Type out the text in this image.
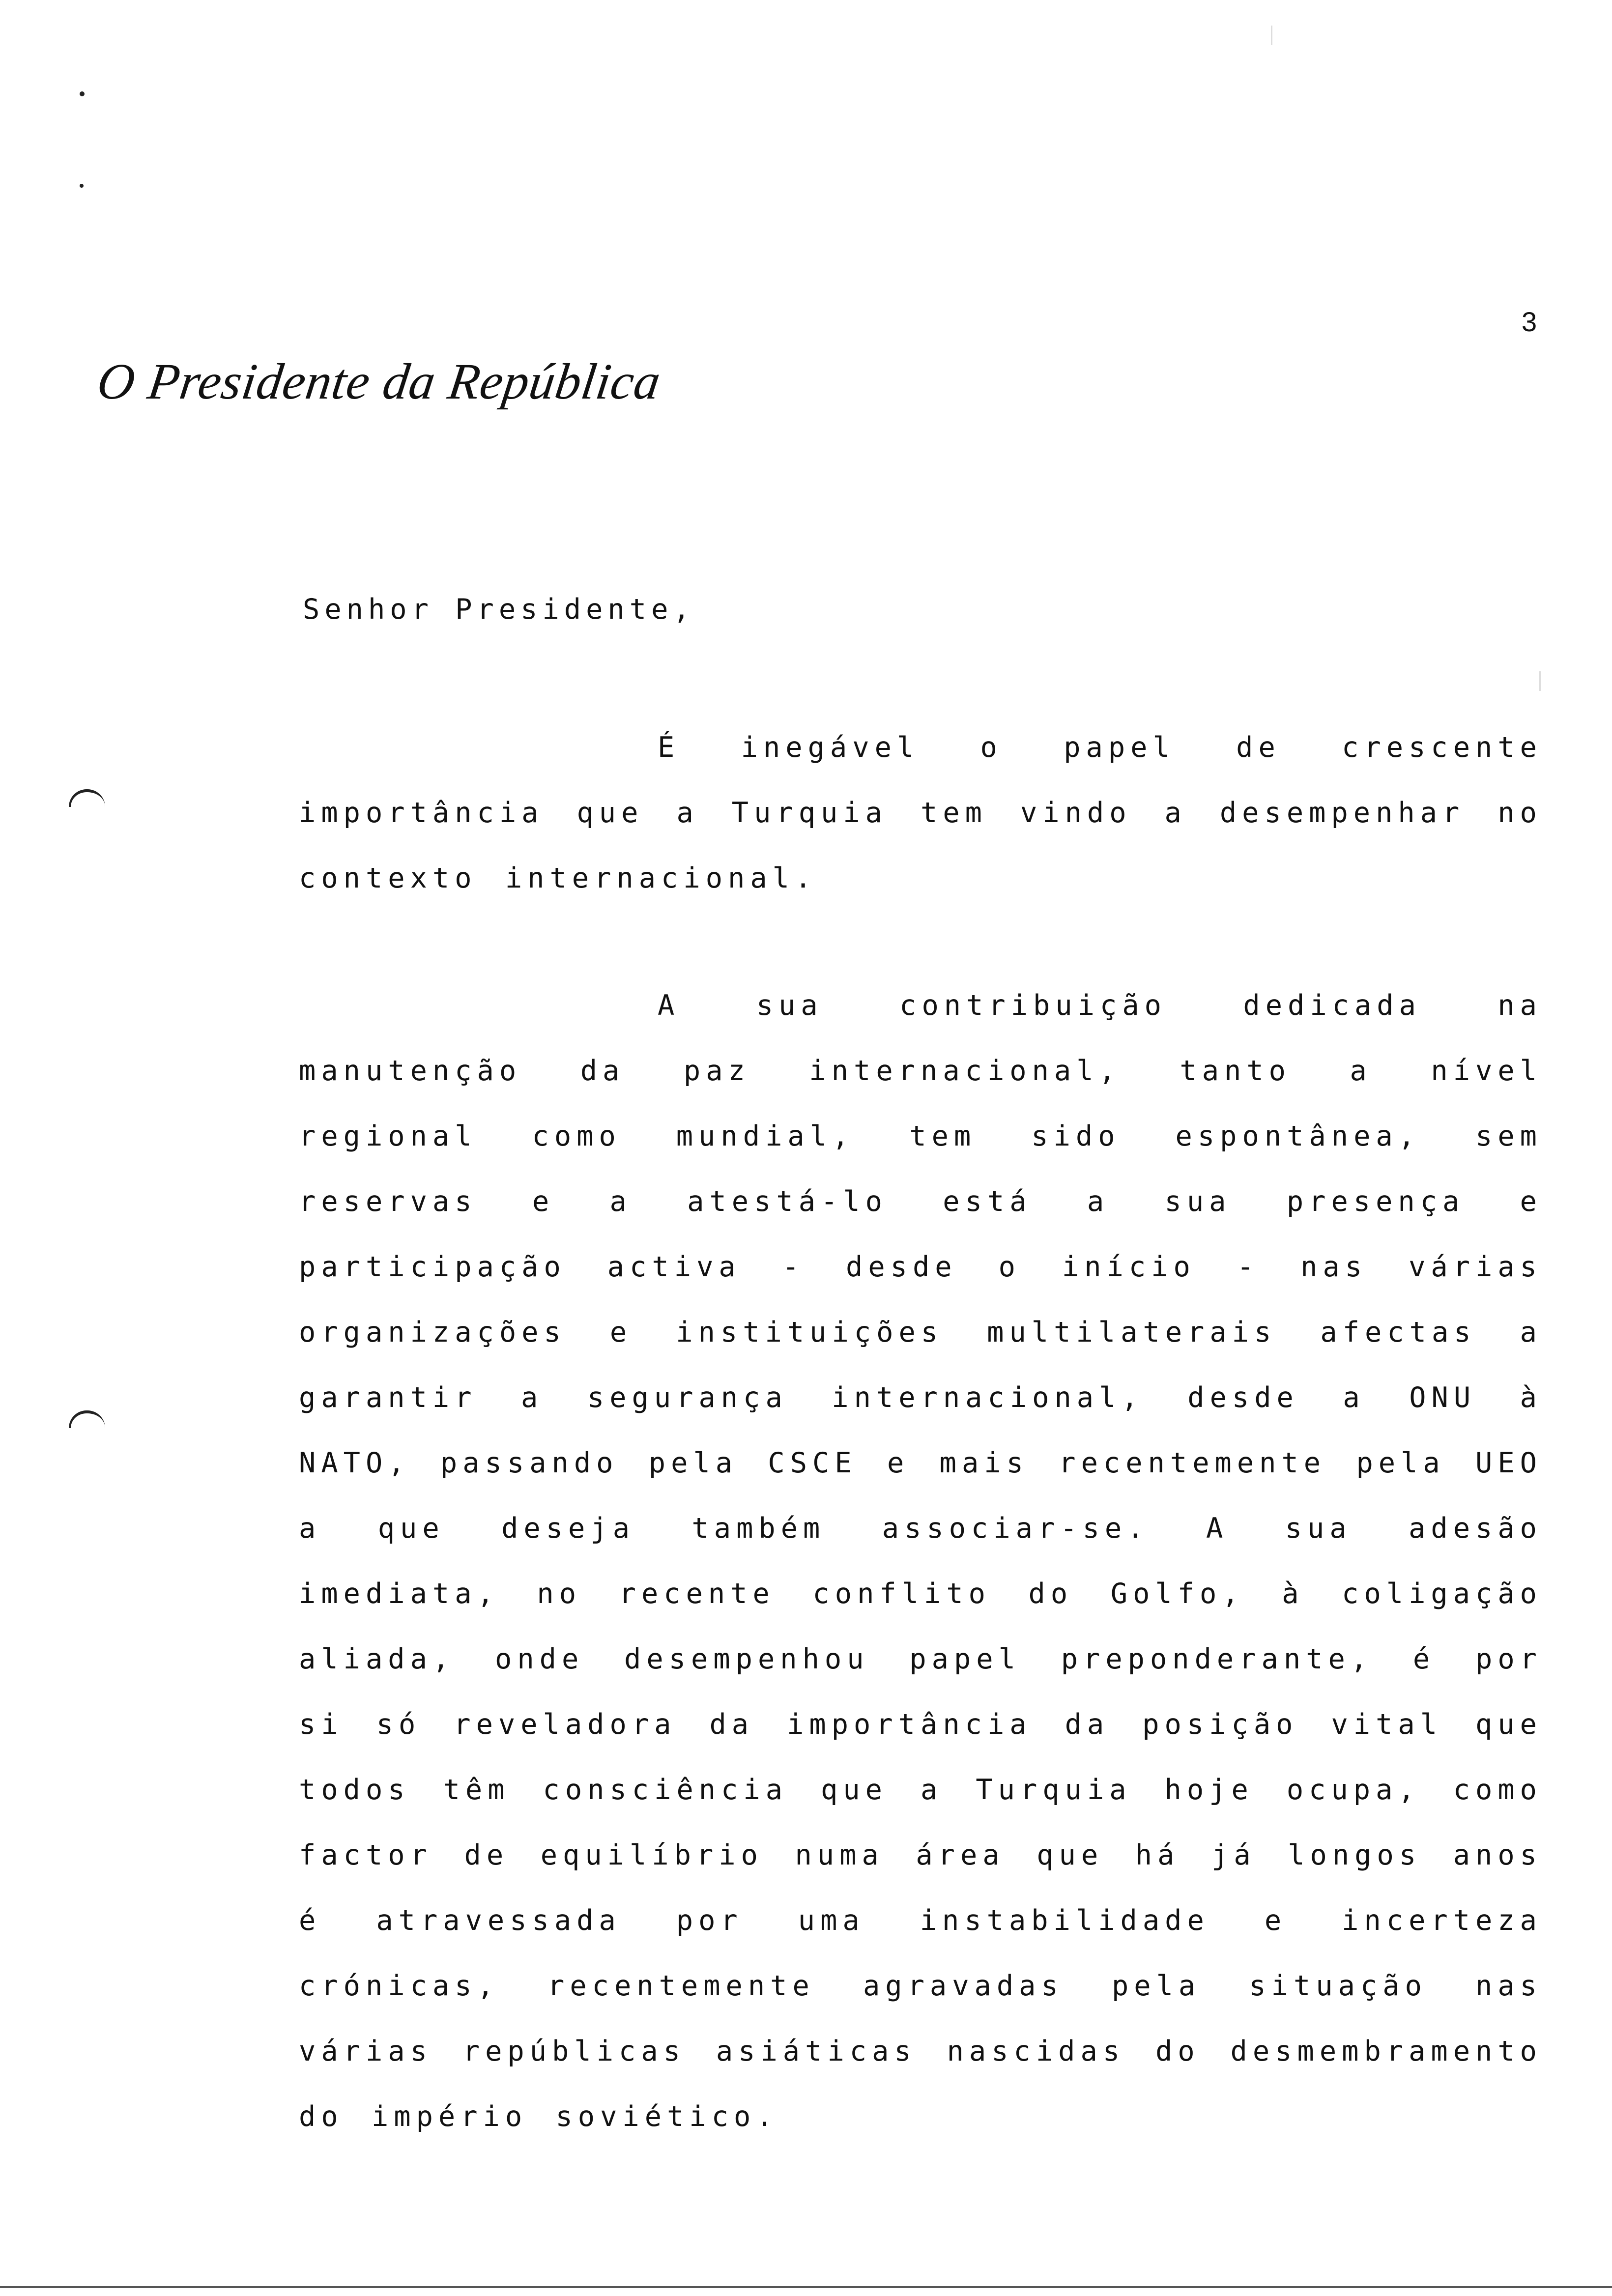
3
O Presidente da República
Senhor Presidente,

É inegável o papel de crescente importância que a Turquia tem vindo a desempenhar no contexto internacional.

A sua contribuição dedicada na manutenção da paz internacional, tanto a nível regional como mundial, tem sido espontânea, sem reservas e a atestá-lo está a sua presença e participação activa - desde o início - nas várias organizações e instituições multilaterais afectas a garantir a segurança internacional, desde a ONU à NATO, passando pela CSCE e mais recentemente pela UEO a que deseja também associar-se. A sua adesão imediata, no recente conflito do Golfo, à coligação aliada, onde desempenhou papel preponderante, é por si só reveladora da importância da posição vital que todos têm consciência que a Turquia hoje ocupa, como factor de equilíbrio numa área que há já longos anos é atravessada por uma instabilidade e incerteza crónicas, recentemente agravadas pela situação nas várias repúblicas asiáticas nascidas do desmembramento do império soviético.
